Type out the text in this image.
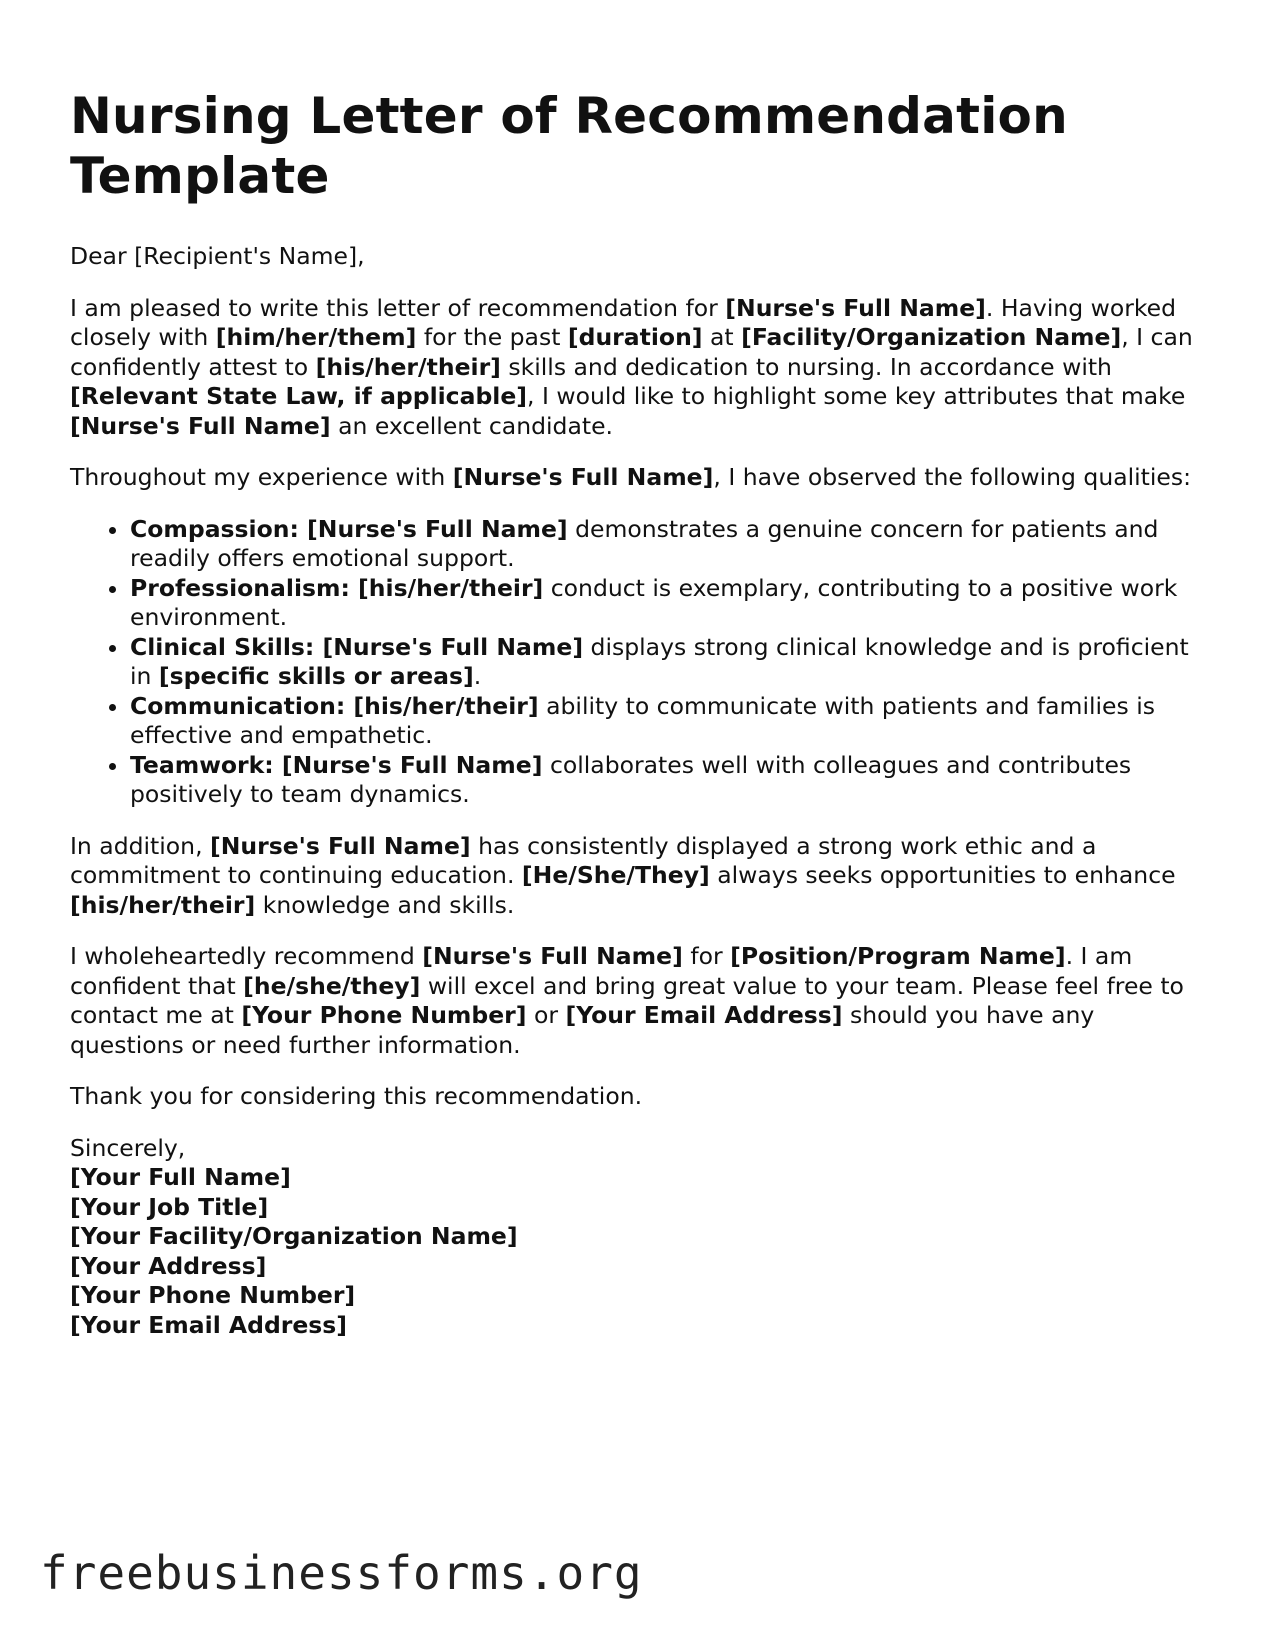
Nursing Letter of Recommendation
Template

Dear [Recipient's Name],

I am pleased to write this letter of recommendation for [Nurse's Full Name]. Having worked closely with [him/her/them] for the past [duration] at [Facility/Organization Name], I can confidently attest to [his/her/their] skills and dedication to nursing. In accordance with [Relevant State Law, if applicable], I would like to highlight some key attributes that make [Nurse's Full Name] an excellent candidate.

Throughout my experience with [Nurse's Full Name], I have observed the following qualities:

• Compassion: [Nurse's Full Name] demonstrates a genuine concern for patients and readily offers emotional support.
• Professionalism: [his/her/their] conduct is exemplary, contributing to a positive work environment.
• Clinical Skills: [Nurse's Full Name] displays strong clinical knowledge and is proficient in [specific skills or areas].
• Communication: [his/her/their] ability to communicate with patients and families is effective and empathetic.
• Teamwork: [Nurse's Full Name] collaborates well with colleagues and contributes positively to team dynamics.

In addition, [Nurse's Full Name] has consistently displayed a strong work ethic and a commitment to continuing education. [He/She/They] always seeks opportunities to enhance [his/her/their] knowledge and skills.

I wholeheartedly recommend [Nurse's Full Name] for [Position/Program Name]. I am confident that [he/she/they] will excel and bring great value to your team. Please feel free to contact me at [Your Phone Number] or [Your Email Address] should you have any questions or need further information.

Thank you for considering this recommendation.

Sincerely,

[Your Full Name]
[Your Job Title]
[Your Facility/Organization Name]
[Your Address]
[Your Phone Number]
[Your Email Address]
freebusinessforms.org
